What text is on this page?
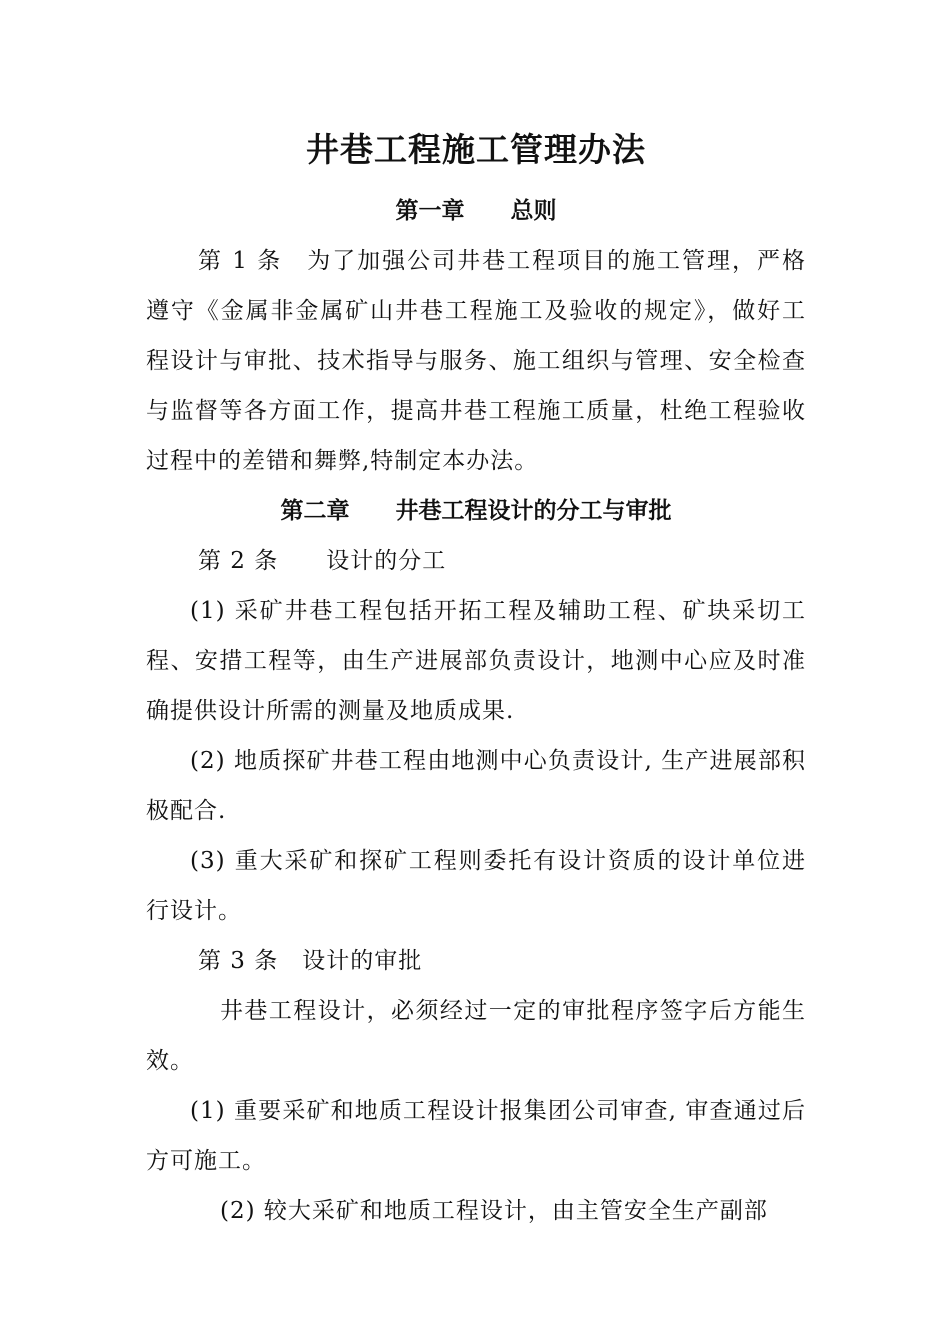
井巷工程施工管理办法

第一章　　总则

第 1 条　为了加强公司井巷工程项目的施工管理，严格遵守《金属非金属矿山井巷工程施工及验收的规定》，做好工程设计与审批、技术指导与服务、施工组织与管理、安全检查与监督等各方面工作，提高井巷工程施工质量，杜绝工程验收过程中的差错和舞弊,特制定本办法。

第二章　　井巷工程设计的分工与审批

第 2 条　　设计的分工

(1) 采矿井巷工程包括开拓工程及辅助工程、矿块采切工程、安措工程等，由生产进展部负责设计，地测中心应及时准确提供设计所需的测量及地质成果.

(2) 地质探矿井巷工程由地测中心负责设计, 生产进展部积极配合.

(3) 重大采矿和探矿工程则委托有设计资质的设计单位进行设计。

第 3 条　设计的审批

井巷工程设计，必须经过一定的审批程序签字后方能生效。

(1) 重要采矿和地质工程设计报集团公司审查, 审查通过后方可施工。

(2) 较大采矿和地质工程设计，由主管安全生产副部
